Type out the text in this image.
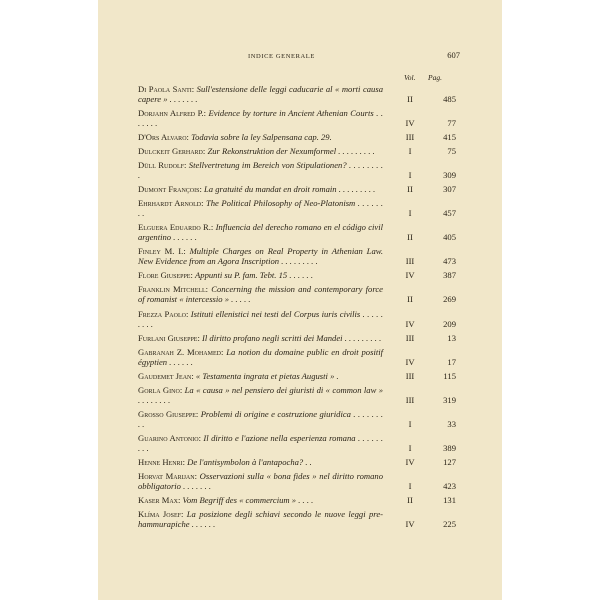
INDICE GENERALE	607
Vol. Pag.
Di Paola Santi: Sull'estensione delle leggi caducarie al « morti causa capere » . . . . . . .	II	485
Dorjahn Alfred P.: Evidence by torture in Ancient Athenian Courts . . . . . . .	IV	77
D'Ors Alvaro: Todavia sobre la ley Salpensana cap. 29.	III	415
Dulckeit Gerhard: Zur Rekonstruktion der Nexumformel . . . . . . . . .	I	75
Düll Rudolf: Stellvertretung im Bereich von Stipulationen? . . . . . . . . .	I	309
Dumont François: La gratuité du mandat en droit romain . . . . . . . . .	II	307
Ehrhardt Arnold: The Political Philosophy of Neo-Platonism . . . . . . . .	I	457
Elguera Eduardo R.: Influencia del derecho romano en el código civil argentino . . . . . .	II	405
Finley M. I.: Multiple Charges on Real Property in Athenian Law. New Evidence from an Agora Inscription . . . . . . . . .	III	473
Flore Giuseppe: Appunti su P. fam. Tebt. 15 . . . . . .	IV	387
Franklin Mitchell: Concerning the mission and contemporary force of romanist « intercessio » . . . . .	II	269
Frezza Paolo: Istituti ellenistici nei testi del Corpus iuris civilis . . . . . . . . .	IV	209
Furlani Giuseppe: Il diritto profano negli scritti dei Mandei . . . . . . . . .	III	13
Gabranah Z. Mohamed: La notion du domaine public en droit positif égyptien . . . . . .	IV	17
Gaudemet Jean: « Testamenta ingrata et pietas Augusti » .	III	115
Gorla Gino: La « causa » nel pensiero dei giuristi di « common law » . . . . . . . .	III	319
Grosso Giuseppe: Problemi di origine e costruzione giuridica . . . . . . . . .	I	33
Guarino Antonio: Il diritto e l'azione nella esperienza romana . . . . . . . . .	I	389
Henne Henri: De l'antisymbolon à l'antapocha? . .	IV	127
Horvat Marijan: Osservazioni sulla « bona fides » nel diritto romano obbligatorio . . . . . . .	I	423
Kaser Max: Vom Begriff des « commercium » . . . .	II	131
Klíma Josef: La posizione degli schiavi secondo le nuove leggi pre-hammurapiche . . . . . .	IV	225
